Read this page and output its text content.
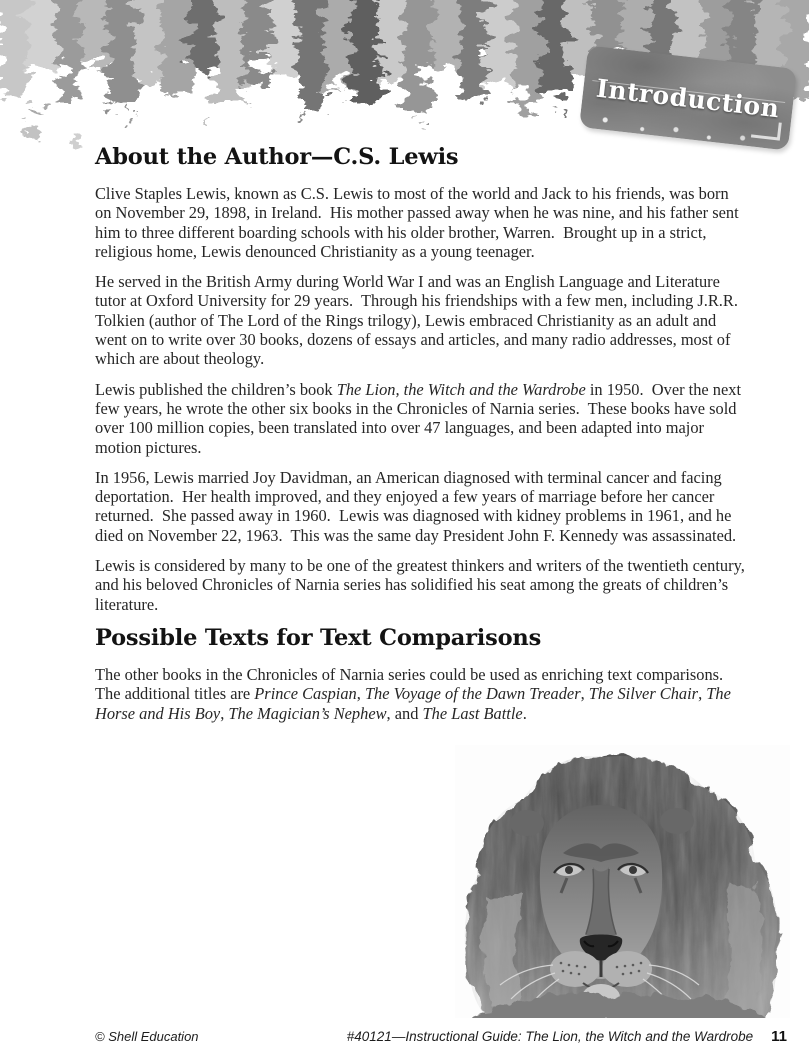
Introduction
About the Author—C.S. Lewis

Clive Staples Lewis, known as C.S. Lewis to most of the world and Jack to his friends, was born on November 29, 1898, in Ireland.  His mother passed away when he was nine, and his father sent him to three different boarding schools with his older brother, Warren.  Brought up in a strict, religious home, Lewis denounced Christianity as a young teenager.

He served in the British Army during World War I and was an English Language and Literature tutor at Oxford University for 29 years.  Through his friendships with a few men, including J.R.R. Tolkien (author of The Lord of the Rings trilogy), Lewis embraced Christianity as an adult and went on to write over 30 books, dozens of essays and articles, and many radio addresses, most of which are about theology.

Lewis published the children’s book The Lion, the Witch and the Wardrobe in 1950.  Over the next few years, he wrote the other six books in the Chronicles of Narnia series.  These books have sold over 100 million copies, been translated into over 47 languages, and been adapted into major motion pictures.

In 1956, Lewis married Joy Davidman, an American diagnosed with terminal cancer and facing deportation.  Her health improved, and they enjoyed a few years of marriage before her cancer returned.  She passed away in 1960.  Lewis was diagnosed with kidney problems in 1961, and he died on November 22, 1963.  This was the same day President John F. Kennedy was assassinated.

Lewis is considered by many to be one of the greatest thinkers and writers of the twentieth century, and his beloved Chronicles of Narnia series has solidified his seat among the greats of children’s literature.

Possible Texts for Text Comparisons

The other books in the Chronicles of Narnia series could be used as enriching text comparisons.  The additional titles are Prince Caspian, The Voyage of the Dawn Treader, The Silver Chair, The Horse and His Boy, The Magician’s Nephew, and The Last Battle.

© Shell Education	#40121—Instructional Guide: The Lion, the Witch and the Wardrobe 11
